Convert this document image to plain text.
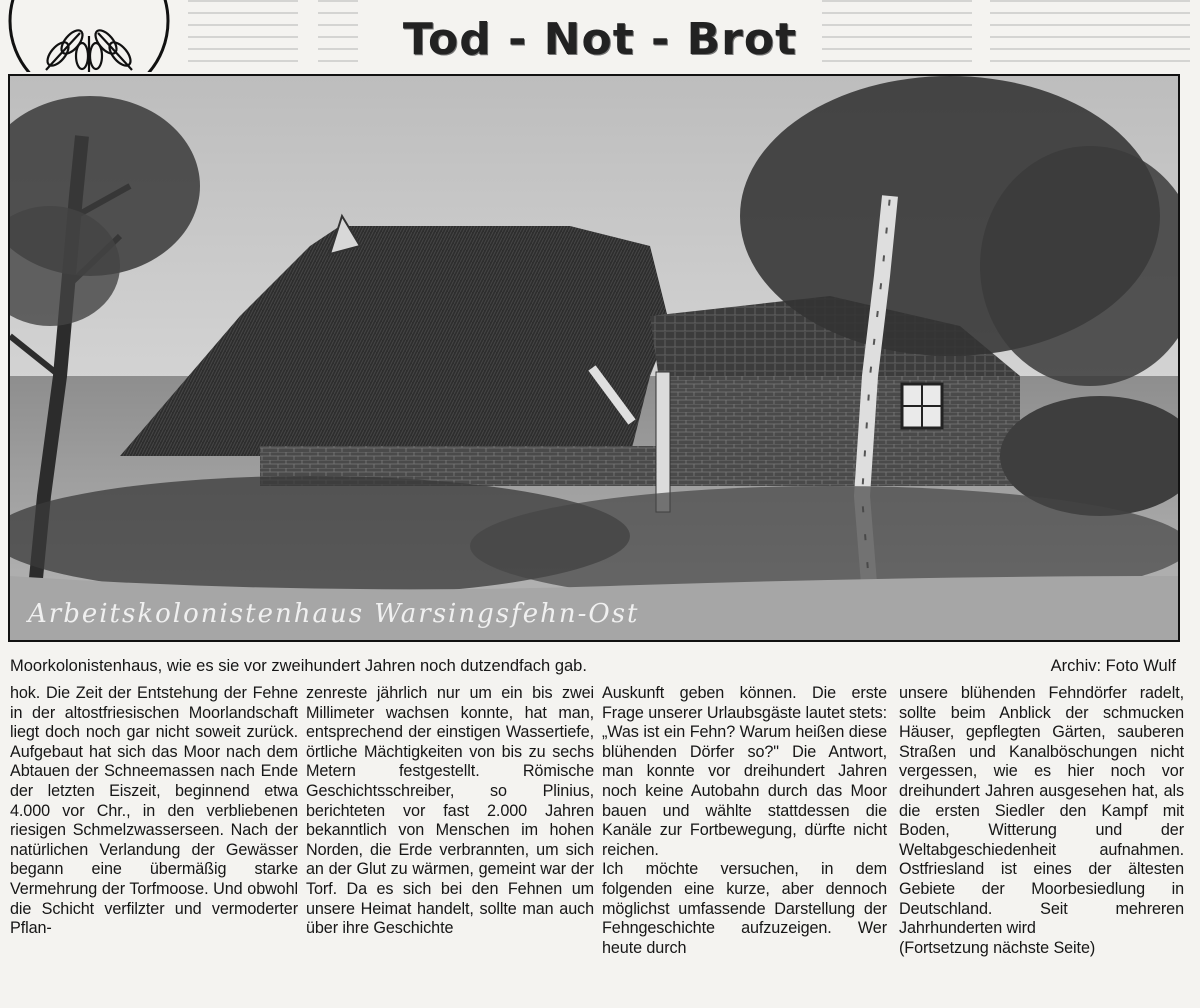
Tod - Not - Brot
Arbeitskolonistenhaus Warsingsfehn-Ost
Moorkolonistenhaus, wie es sie vor zweihundert Jahren noch dutzendfach gab.	Archiv: Foto Wulf

hok. Die Zeit der Entstehung der Fehne in der altostfriesischen Moorlandschaft liegt doch noch gar nicht soweit zurück. Aufgebaut hat sich das Moor nach dem Abtauen der Schneemassen nach Ende der letzten Eiszeit, beginnend etwa 4.000 vor Chr., in den verbliebenen riesigen Schmelzwasserseen. Nach der natürlichen Verlandung der Gewässer begann eine übermäßig starke Vermehrung der Torfmoose. Und obwohl die Schicht verfilzter und vermoderter Pflan-

zenreste jährlich nur um ein bis zwei Millimeter wachsen konnte, hat man, entsprechend der einstigen Wassertiefe, örtliche Mächtigkeiten von bis zu sechs Metern festgestellt. Römische Geschichtsschreiber, so Plinius, berichteten vor fast 2.000 Jahren bekanntlich von Menschen im hohen Norden, die Erde verbrannten, um sich an der Glut zu wärmen, gemeint war der Torf. Da es sich bei den Fehnen um unsere Heimat handelt, sollte man auch über ihre Geschichte

Auskunft geben können. Die erste Frage unserer Urlaubsgäste lautet stets: „Was ist ein Fehn? Warum heißen diese blühenden Dörfer so?" Die Antwort, man konnte vor dreihundert Jahren noch keine Autobahn durch das Moor bauen und wählte stattdessen die Kanäle zur Fortbewegung, dürfte nicht reichen.

Ich möchte versuchen, in dem folgenden eine kurze, aber dennoch möglichst umfassende Darstellung der Fehngeschichte aufzuzeigen. Wer heute durch

unsere blühenden Fehndörfer radelt, sollte beim Anblick der schmucken Häuser, gepflegten Gärten, sauberen Straßen und Kanalböschungen nicht vergessen, wie es hier noch vor dreihundert Jahren ausgesehen hat, als die ersten Siedler den Kampf mit Boden, Witterung und der Weltabgeschiedenheit aufnahmen. Ostfriesland ist eines der ältesten Gebiete der Moorbesiedlung in Deutschland. Seit mehreren Jahrhunderten wird

(Fortsetzung nächste Seite)
